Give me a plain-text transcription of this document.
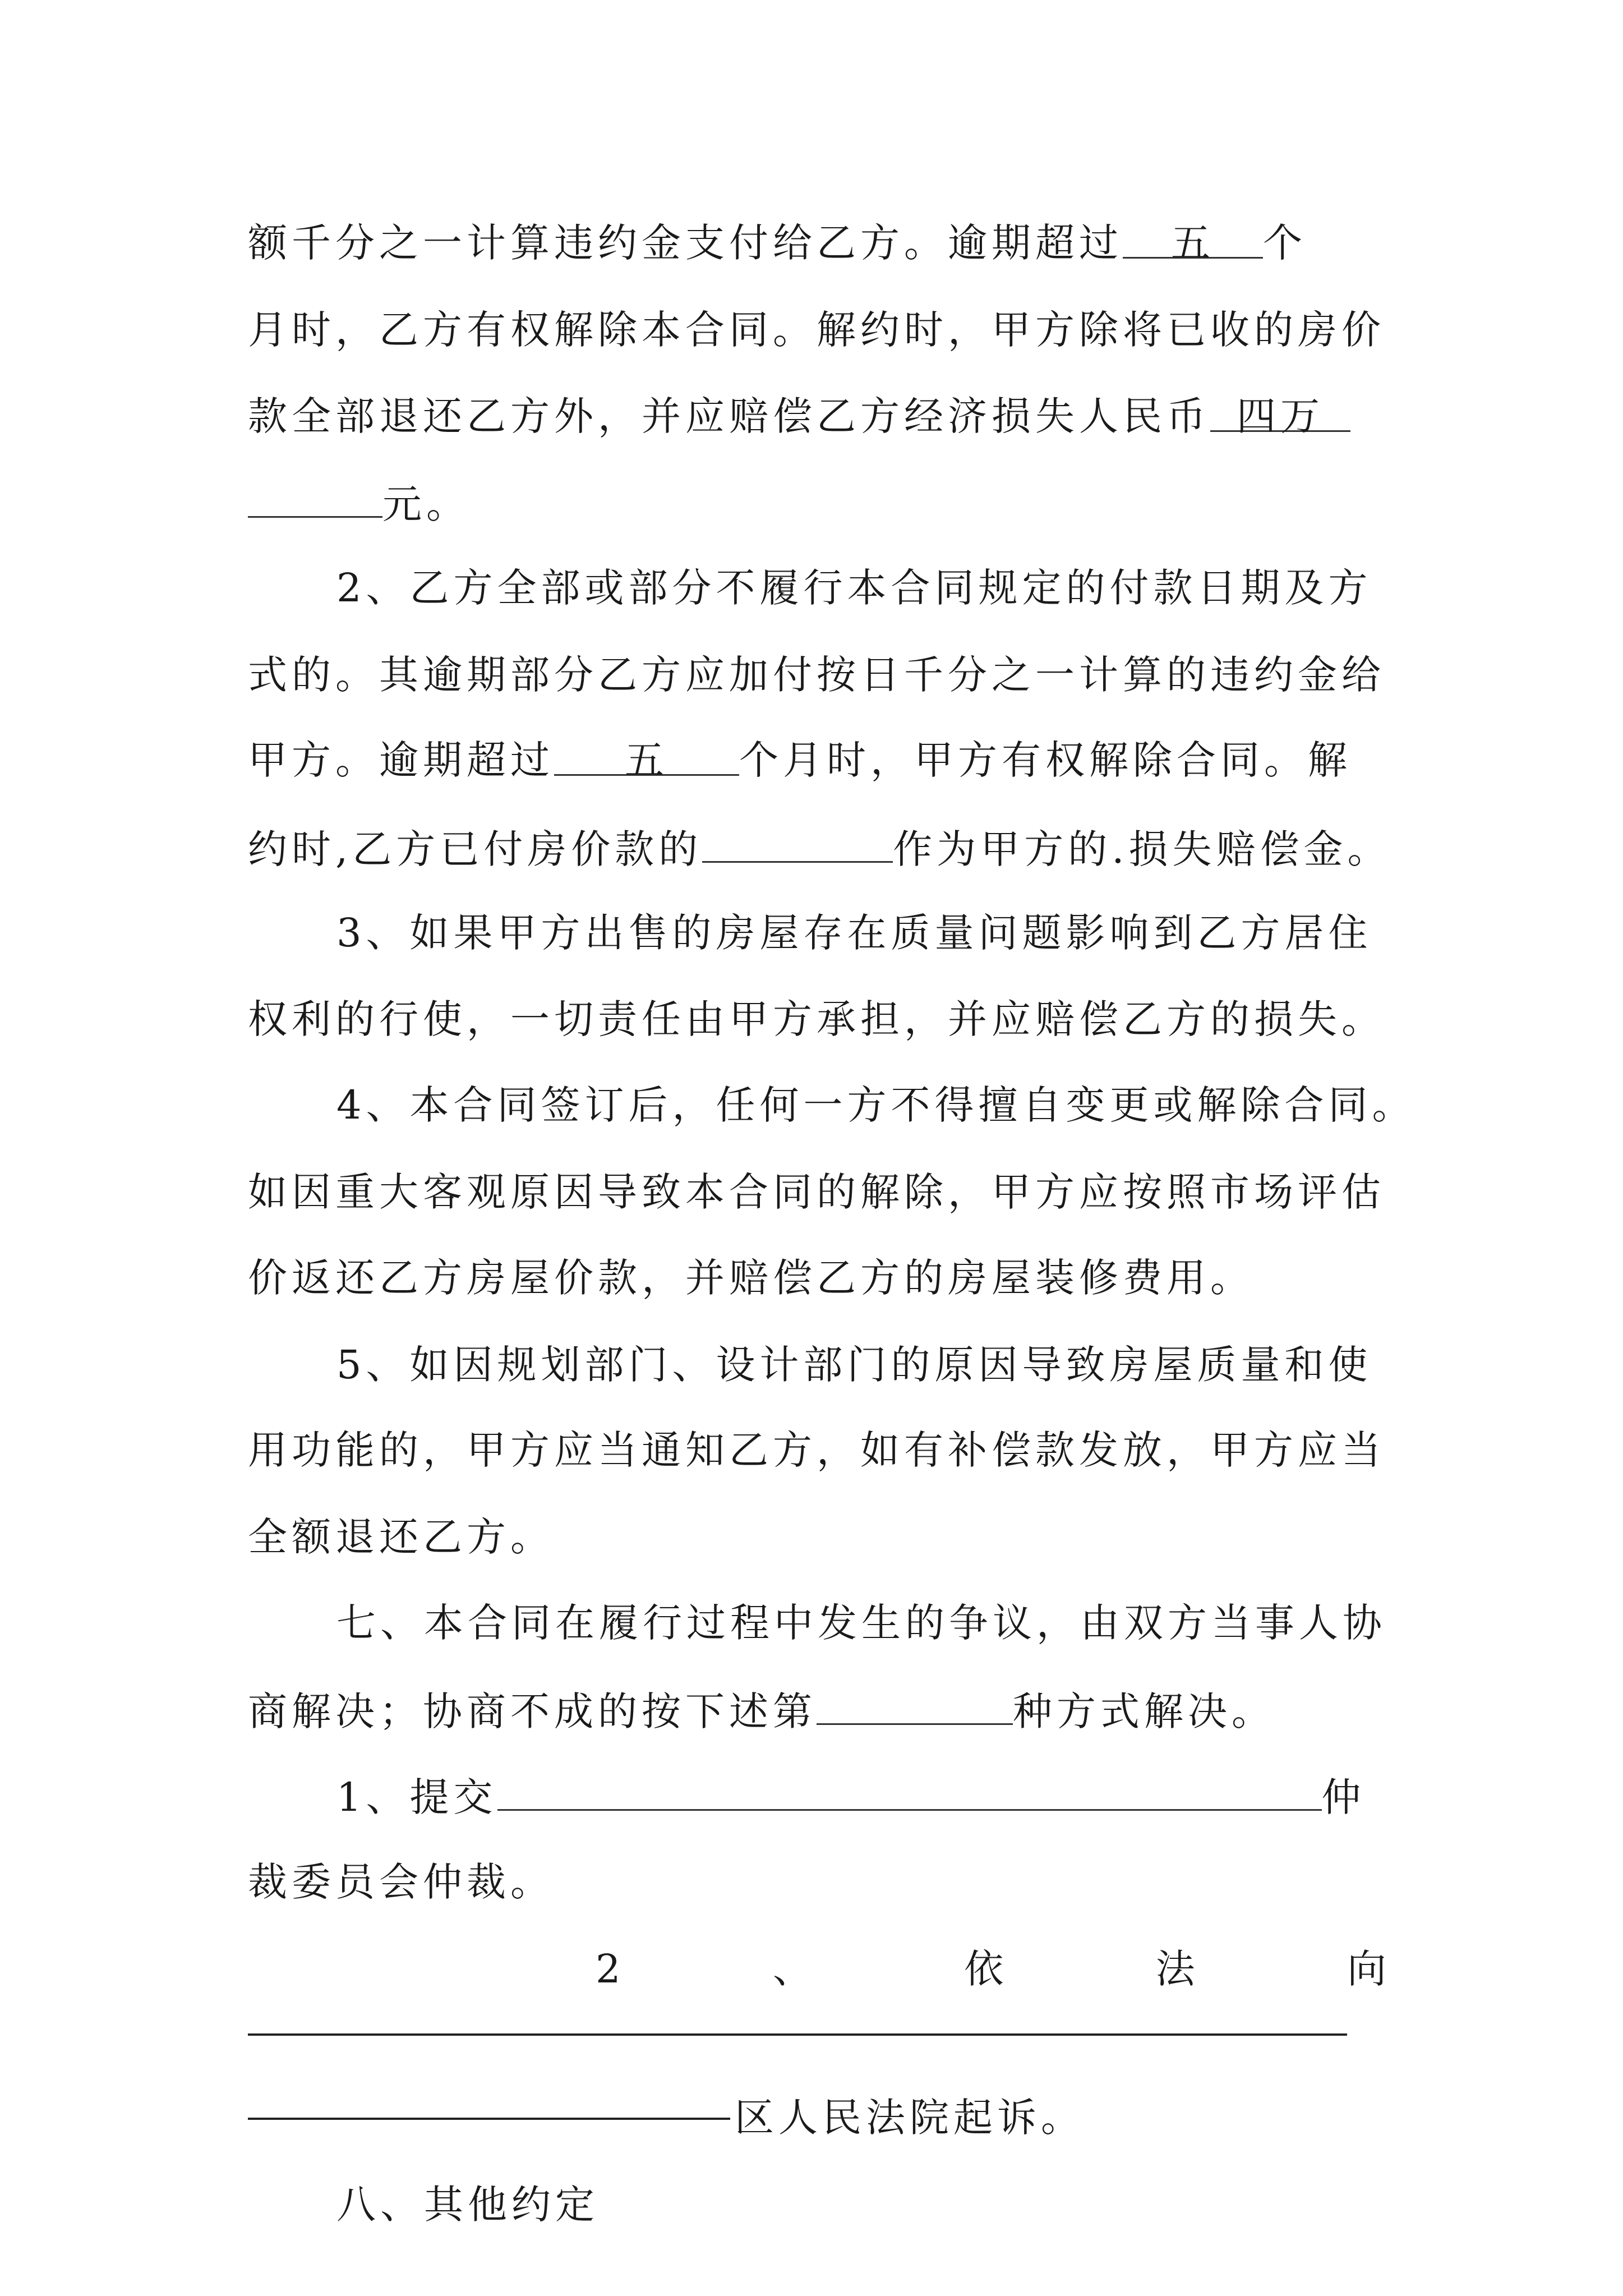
额千分之一计算违约金支付给乙方。逾期超过 五 个
月时，乙方有权解除本合同。解约时，甲方除将已收的房价
款全部退还乙方外，并应赔偿乙方经济损失人民币 四万
元。
2、乙方全部或部分不履行本合同规定的付款日期及方
式的。其逾期部分乙方应加付按日千分之一计算的违约金给
甲方。逾期超过 五 个月时，甲方有权解除合同。解
约时,乙方已付房价款的	作为甲方的.损失赔偿金。
3、如果甲方出售的房屋存在质量问题影响到乙方居住
权利的行使，一切责任由甲方承担，并应赔偿乙方的损失。
4、本合同签订后，任何一方不得擅自变更或解除合同。
如因重大客观原因导致本合同的解除，甲方应按照市场评估
价返还乙方房屋价款，并赔偿乙方的房屋装修费用。
5、如因规划部门、设计部门的原因导致房屋质量和使
用功能的，甲方应当通知乙方，如有补偿款发放，甲方应当
全额退还乙方。
七、本合同在履行过程中发生的争议，由双方当事人协
商解决；协商不成的按下述第	种方式解决。
1、提交	仲
裁委员会仲裁。
2	、	依	法	向
区人民法院起诉。
八、其他约定
